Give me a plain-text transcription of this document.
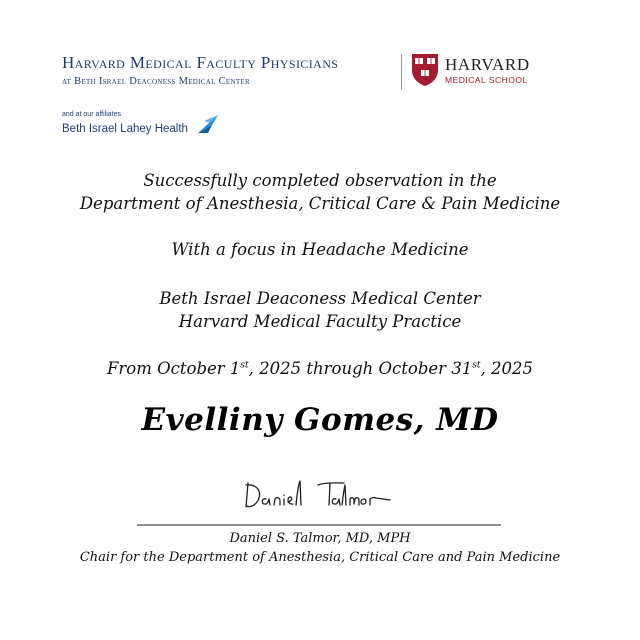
Harvard Medical Faculty Physicians
at Beth Israel Deaconess Medical Center
HARVARD
MEDICAL SCHOOL
and at our affiliates
Beth Israel Lahey Health
Successfully completed observation in the
Department of Anesthesia, Critical Care & Pain Medicine
With a focus in Headache Medicine
Beth Israel Deaconess Medical Center
Harvard Medical Faculty Practice
From October 1st, 2025 through October 31st, 2025
Evelliny Gomes, MD
Daniel S. Talmor, MD, MPH
Chair for the Department of Anesthesia, Critical Care and Pain Medicine
